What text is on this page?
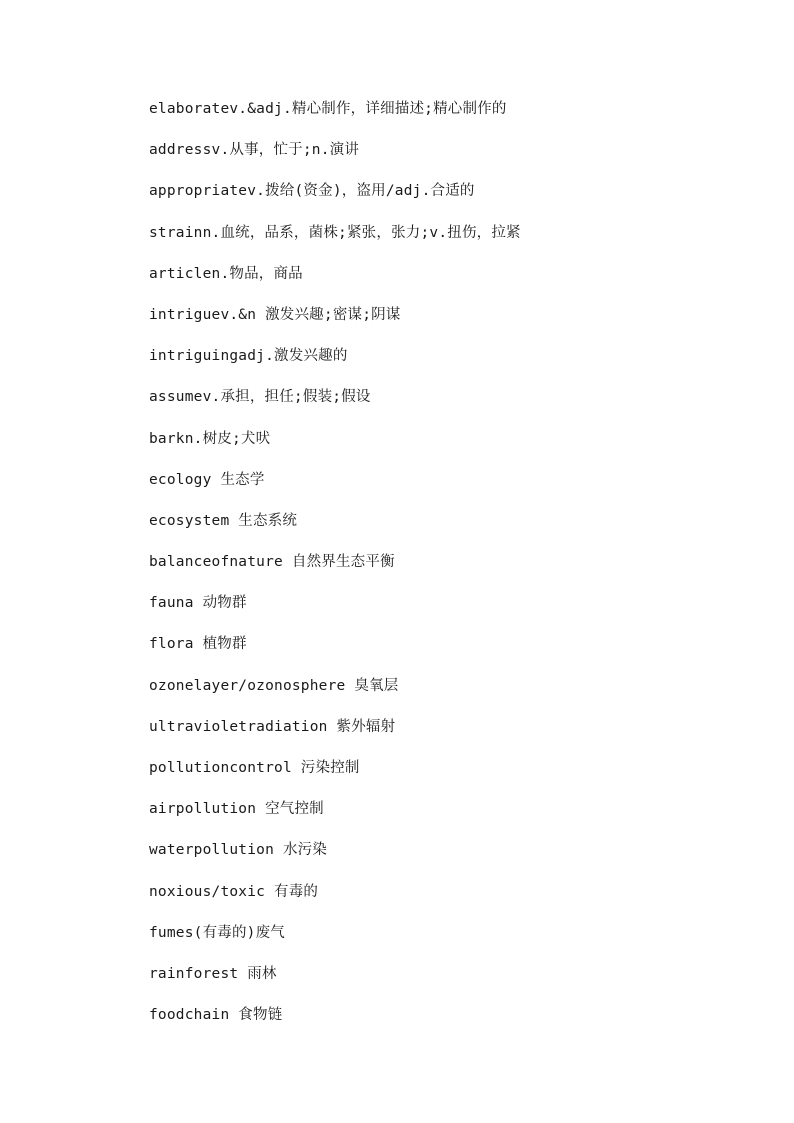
elaboratev.&adj.精心制作，详细描述;精心制作的
addressv.从事，忙于;n.演讲
appropriatev.拨给(资金)，盗用/adj.合适的
strainn.血统，品系，菌株;紧张，张力;v.扭伤，拉紧
articlen.物品，商品
intriguev.&n 激发兴趣;密谋;阴谋
intriguingadj.激发兴趣的
assumev.承担，担任;假装;假设
barkn.树皮;犬吠
ecology 生态学
ecosystem 生态系统
balanceofnature 自然界生态平衡
fauna 动物群
flora 植物群
ozonelayer/ozonosphere 臭氧层
ultravioletradiation 紫外辐射
pollutioncontrol 污染控制
airpollution 空气控制
waterpollution 水污染
noxious/toxic 有毒的
fumes(有毒的)废气
rainforest 雨林
foodchain 食物链
